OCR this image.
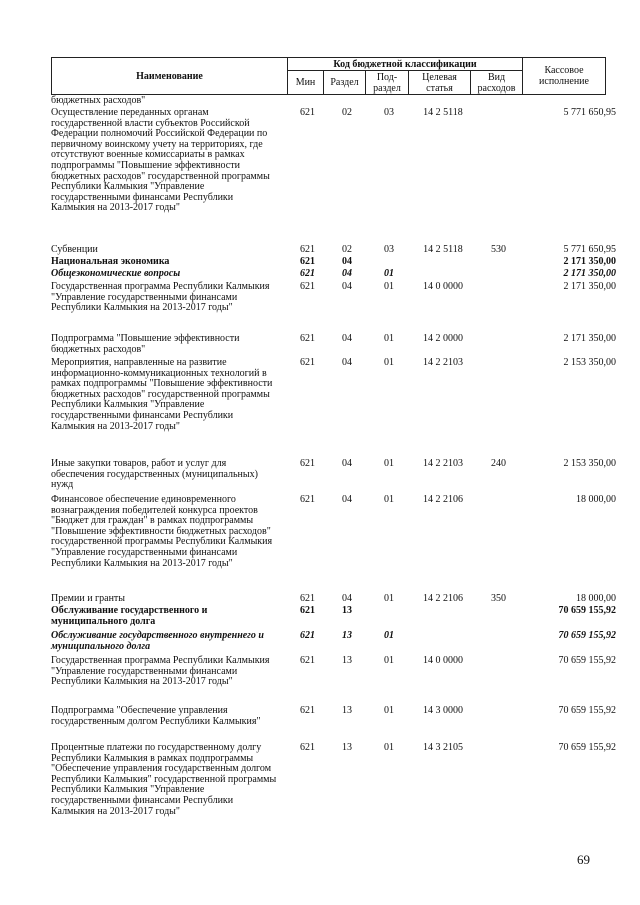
Наименование
Код бюджетной классификации
Мин	Раздел	Под-
раздел
Целевая
статья
Вид
расходов
Кассовое
исполнение
бюджетных расходов"
Осуществление переданных органам государственной власти субъектов Российской Федерации полномочий Российской Федерации по первичному воинскому учету на территориях, где отсутствуют военные комиссариаты в рамках подпрограммы "Повышение эффективности бюджетных расходов" государственной программы Республики Калмыкия "Управление государственными финансами Республики Калмыкия на 2013-2017 годы"
621	02	03	14 2 5118	5 771 650,95
Субвенции	621	02	03	14 2 5118	530	5 771 650,95
Национальная экономика	621	04	2 171 350,00
Общеэкономические вопросы	621	04	01	2 171 350,00
Государственная программа Республики Калмыкия "Управление государственными финансами Республики Калмыкия на 2013-2017 годы"
621	04	01	14 0 0000	2 171 350,00
Подпрограмма "Повышение эффективности бюджетных расходов"
621	04	01	14 2 0000	2 171 350,00
Мероприятия, направленные на развитие информационно-коммуникационных технологий в рамках подпрограммы "Повышение эффективности бюджетных расходов" государственной программы Республики Калмыкия "Управление государственными финансами Республики Калмыкия на 2013-2017 годы"
621	04	01	14 2 2103	2 153 350,00
Иные закупки товаров, работ и услуг для обеспечения государственных (муниципальных) нужд
621	04	01	14 2 2103	240	2 153 350,00
Финансовое обеспечение единовременного вознаграждения победителей конкурса проектов "Бюджет для граждан" в рамках подпрограммы "Повышение эффективности бюджетных расходов" государственной программы Республики Калмыкия "Управление государственными финансами Республики Калмыкия на 2013-2017 годы"
621	04	01	14 2 2106	18 000,00
Премии и гранты	621	04	01	14 2 2106	350	18 000,00
Обслуживание государственного и муниципального долга
621	13	70 659 155,92
Обслуживание государственного внутреннего и муниципального долга
621	13	01	70 659 155,92
Государственная программа Республики Калмыкия "Управление государственными финансами Республики Калмыкия на 2013-2017 годы"
621	13	01	14 0 0000	70 659 155,92
Подпрограмма "Обеспечение управления государственным долгом Республики Калмыкия"
621	13	01	14 3 0000	70 659 155,92
Процентные платежи по государственному долгу Республики Калмыкия в рамках подпрограммы "Обеспечение управления государственным долгом Республики Калмыкия" государственной программы Республики Калмыкия "Управление государственными финансами Республики Калмыкия на 2013-2017 годы"
621	13	01	14 3 2105	70 659 155,92
69
